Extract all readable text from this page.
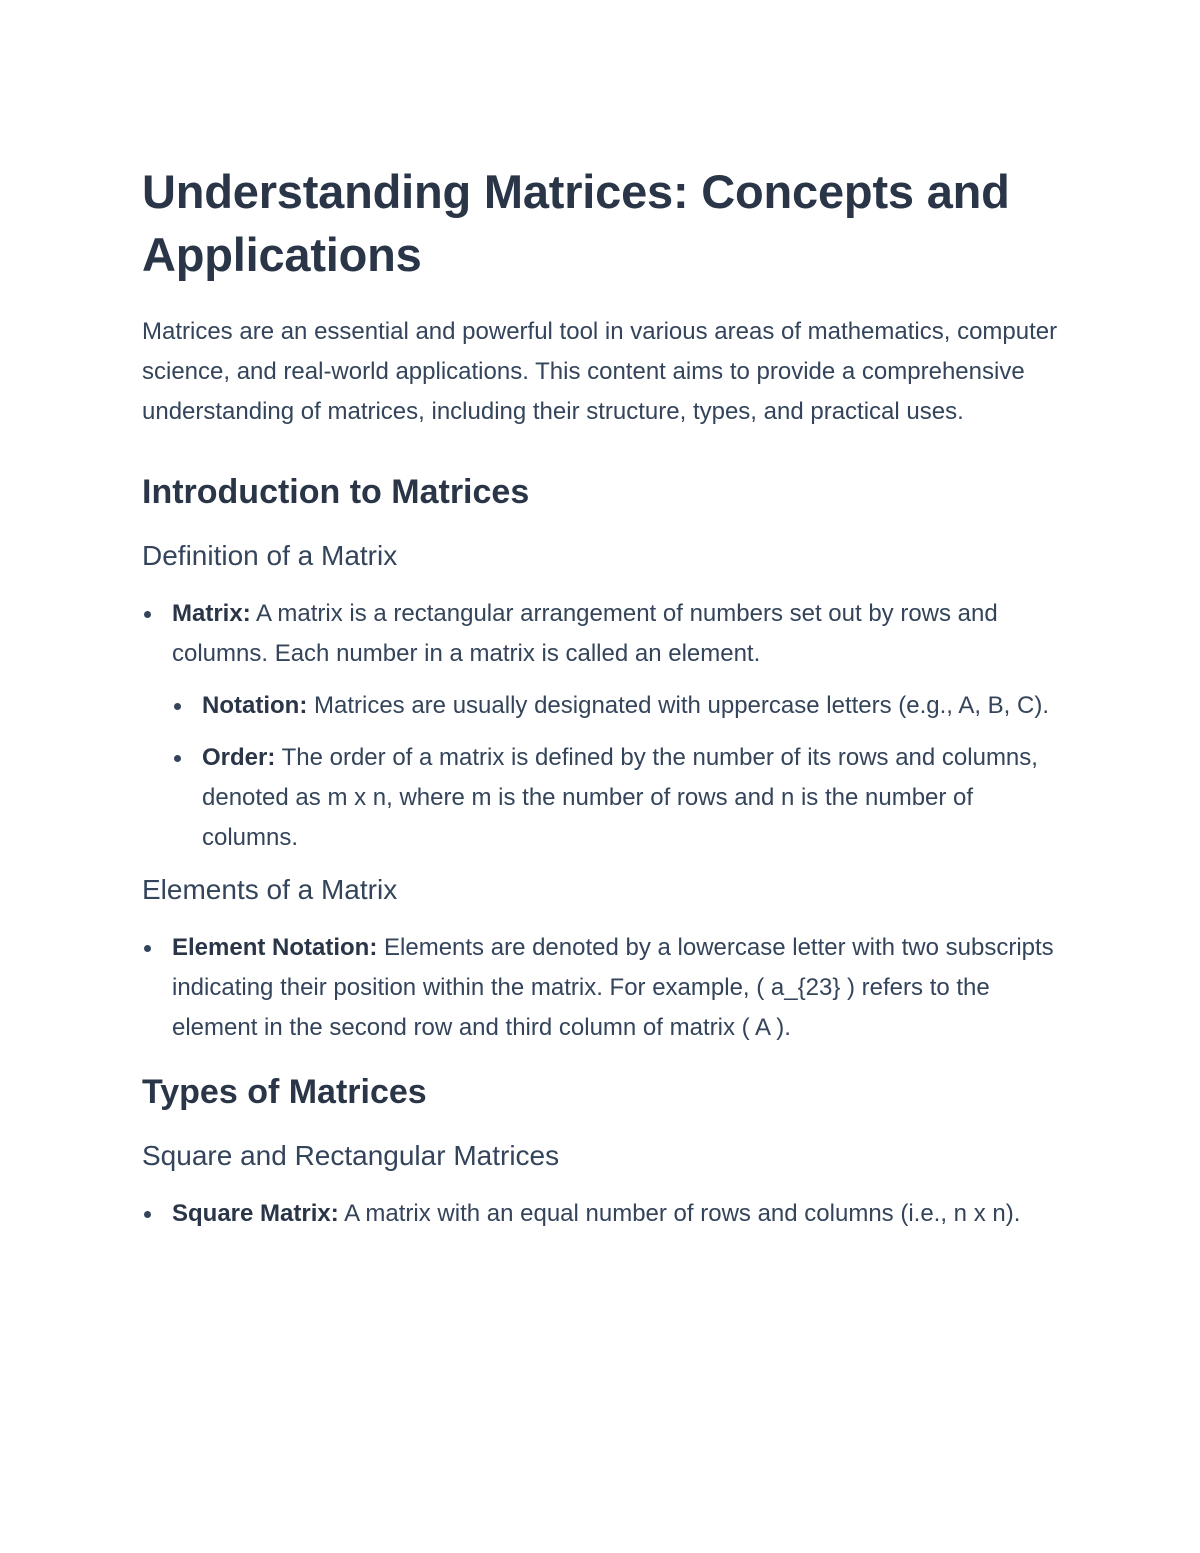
Understanding Matrices: Concepts and Applications

Matrices are an essential and powerful tool in various areas of mathematics, computer science, and real-world applications. This content aims to provide a comprehensive understanding of matrices, including their structure, types, and practical uses.

Introduction to Matrices
Definition of a Matrix
Matrix: A matrix is a rectangular arrangement of numbers set out by rows and columns. Each number in a matrix is called an element.
Notation: Matrices are usually designated with uppercase letters (e.g., A, B, C).
Order: The order of a matrix is defined by the number of its rows and columns, denoted as m x n, where m is the number of rows and n is the number of columns.
Elements of a Matrix
Element Notation: Elements are denoted by a lowercase letter with two subscripts indicating their position within the matrix. For example, ( a_{23} ) refers to the element in the second row and third column of matrix ( A ).
Types of Matrices
Square and Rectangular Matrices
Square Matrix: A matrix with an equal number of rows and columns (i.e., n x n).
